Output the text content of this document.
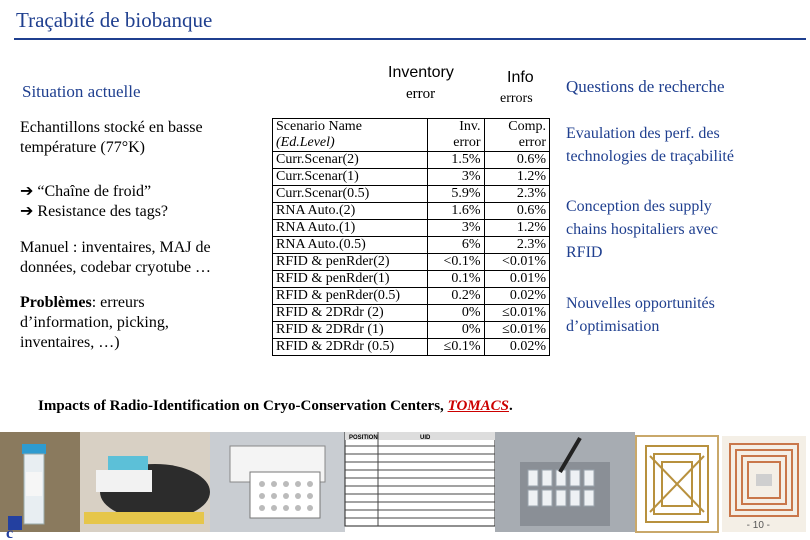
Traçabité de biobanque
Situation actuelle
Echantillons stocké en basse
température (77°K)
➔ “Chaîne de froid”
➔ Resistance des tags?
Manuel : inventaires, MAJ de
données, codebar cryotube …
Problèmes: erreurs
d’information, picking,
inventaires, …)
Inventory
error
Info
errors
Scenario Name	Inv.	Comp.
(Ed.Level)	error	error
Curr.Scenar(2)	1.5%	0.6%
Curr.Scenar(1)	3%	1.2%
Curr.Scenar(0.5)	5.9%	2.3%
RNA Auto.(2)	1.6%	0.6%
RNA Auto.(1)	3%	1.2%
RNA Auto.(0.5)	6%	2.3%
RFID & penRder(2)	<0.1%	<0.01%
RFID & penRder(1)	0.1%	0.01%
RFID & penRder(0.5)	0.2%	0.02%
RFID & 2DRdr (2)	0%	≤0.01%
RFID & 2DRdr (1)	0%	≤0.01%
RFID & 2DRdr (0.5)	≤0.1%	0.02%
Questions de recherche
Evaulation des perf. des
technologies de traçabilité
Conception des supply
chains hospitaliers avec
RFID
Nouvelles opportunités
d’optimisation
Impacts of Radio-Identification on Cryo-Conservation Centers, TOMACS.
POSITION	UID
c	- 10 -
